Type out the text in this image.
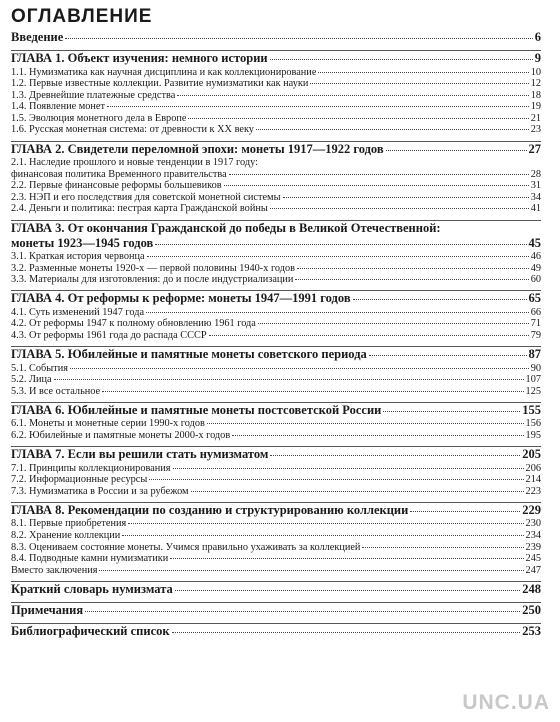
ОГЛАВЛЕНИЕ
Введение	6
ГЛАВА 1. Объект изучения: немного истории	9
1.1. Нумизматика как научная дисциплина и как коллекционирование	10
1.2. Первые известные коллекции. Развитие нумизматики как науки	12
1.3. Древнейшие платежные средства	18
1.4. Появление монет	19
1.5. Эволюция монетного дела в Европе	21
1.6. Русская монетная система: от древности к XX веку	23
ГЛАВА 2. Свидетели переломной эпохи: монеты 1917—1922 годов	27
2.1. Наследие прошлого и новые тенденции в 1917 году:
финансовая политика Временного правительства	28
2.2. Первые финансовые реформы большевиков	31
2.3. НЭП и его последствия для советской монетной системы	34
2.4. Деньги и политика: пестрая карта Гражданской войны	41
ГЛАВА 3. От окончания Гражданской до победы в Великой Отечественной:
монеты 1923—1945 годов	45
3.1. Краткая история червонца	46
3.2. Разменные монеты 1920-х — первой половины 1940-х годов	49
3.3. Материалы для изготовления: до и после индустриализации	60
ГЛАВА 4. От реформы к реформе: монеты 1947—1991 годов	65
4.1. Суть изменений 1947 года	66
4.2. От реформы 1947 к полному обновлению 1961 года	71
4.3. От реформы 1961 года до распада СССР	79
ГЛАВА 5. Юбилейные и памятные монеты советского периода	87
5.1. События	90
5.2. Лица	107
5.3. И все остальное	125
ГЛАВА 6. Юбилейные и памятные монеты постсоветской России	155
6.1. Монеты и монетные серии 1990-х годов	156
6.2. Юбилейные и памятные монеты 2000-х годов	195
ГЛАВА 7. Если вы решили стать нумизматом	205
7.1. Принципы коллекционирования	206
7.2. Информационные ресурсы	214
7.3. Нумизматика в России и за рубежом	223
ГЛАВА 8. Рекомендации по созданию и структурированию коллекции	229
8.1. Первые приобретения	230
8.2. Хранение коллекции	234
8.3. Оцениваем состояние монеты. Учимся правильно ухаживать за коллекцией	239
8.4. Подводные камни нумизматики	245
Вместо заключения	247
Краткий словарь нумизмата	248
Примечания	250
Библиографический список	253
UNC.UA
